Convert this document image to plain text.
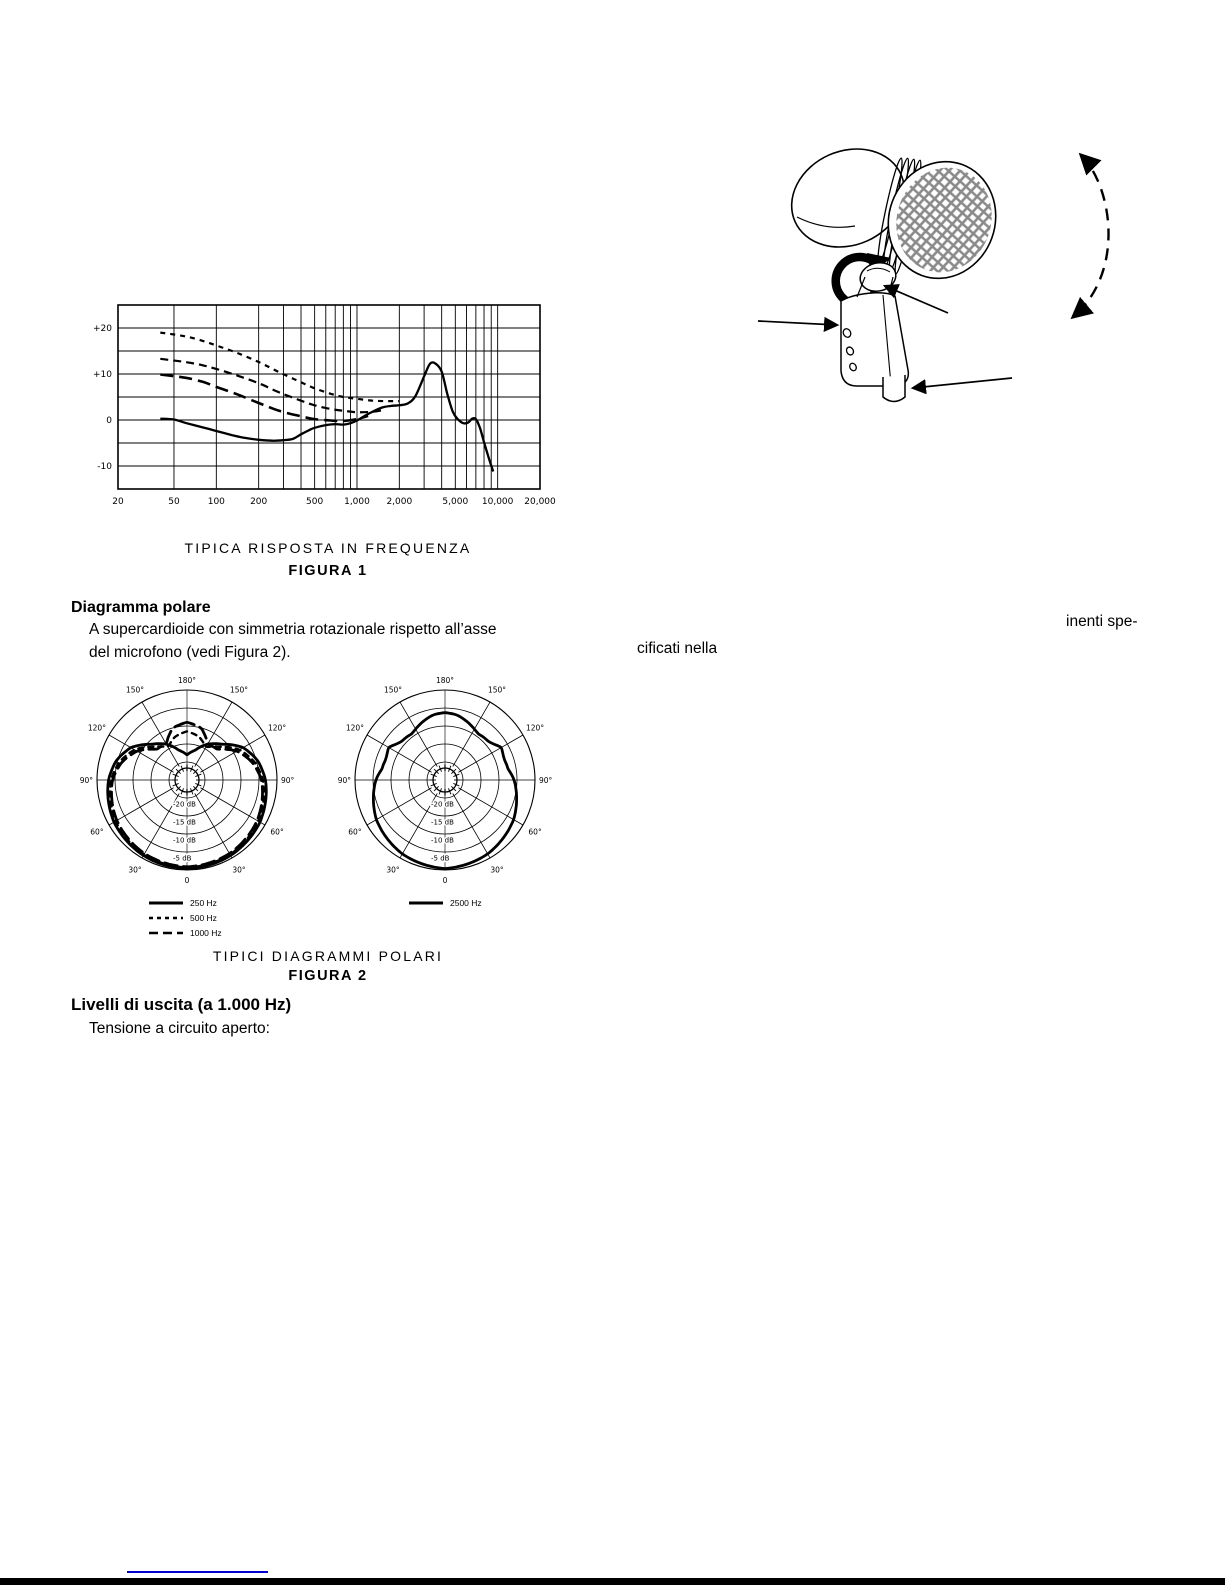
+20
+10
0
-10
20	50	100	200	500 1,000 2,000	5,000 10,000 20,000
TIPICA RISPOSTA IN FREQUENZA
FIGURA 1
Diagramma polare
A supercardioide con simmetria rotazionale rispetto all’asse
del microfono (vedi Figura 2).
inenti spe-
cificati nella
180°
150°
150°
120°
120°
90°	90°
60°
60°
30°
30°
0
-20 dB
-15 dB
-10 dB
-5 dB
180°
150°
150°
120°
120°
90°	90°
60°
60°
30°
30°
0
-20 dB
-15 dB
-10 dB
-5 dB
250 Hz
500 Hz
1000 Hz
2500 Hz
TIPICI DIAGRAMMI POLARI
FIGURA 2
Livelli di uscita (a 1.000 Hz)
Tensione a circuito aperto:
